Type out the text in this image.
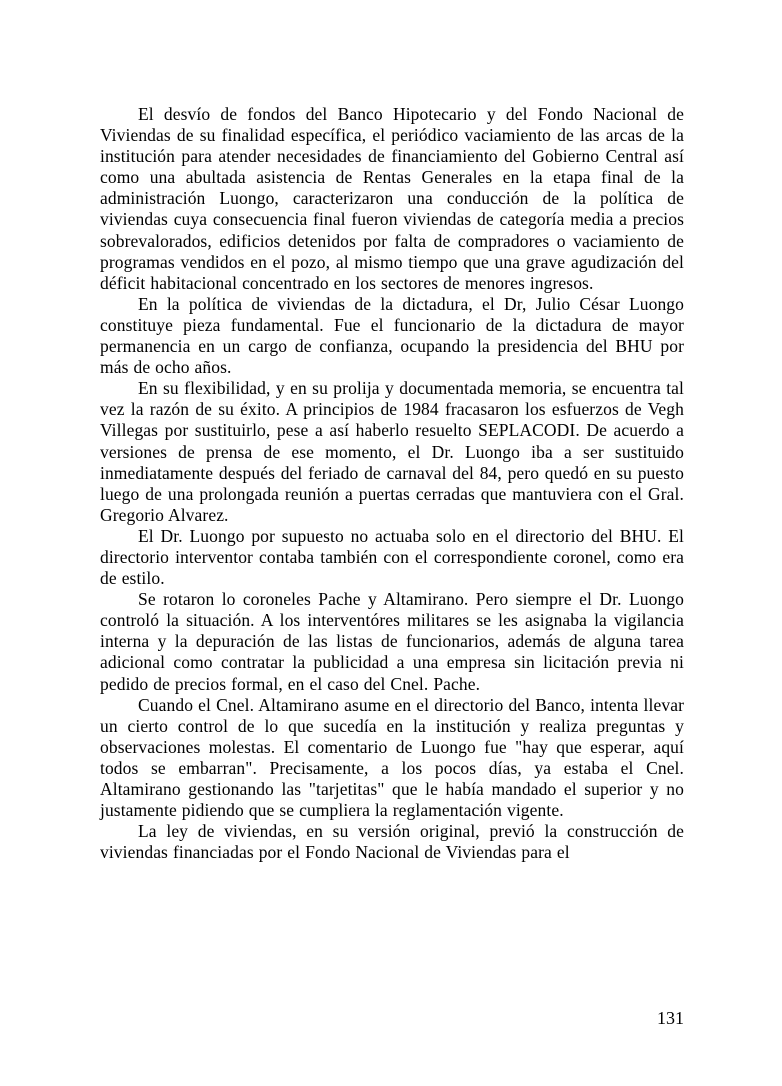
El desvío de fondos del Banco Hipotecario y del Fondo Nacional de Viviendas de su finalidad específica, el periódico vaciamiento de las arcas de la institución para atender necesidades de financiamiento del Gobierno Central así como una abultada asistencia de Rentas Generales en la etapa final de la administración Luongo, caracterizaron una conducción de la política de viviendas cuya consecuencia final fueron viviendas de categoría media a precios sobrevalorados, edificios detenidos por falta de compradores o vaciamiento de programas vendidos en el pozo, al mismo tiempo que una grave agudización del déficit habitacional concentrado en los sectores de menores ingresos.

En la política de viviendas de la dictadura, el Dr, Julio César Luongo constituye pieza fundamental. Fue el funcionario de la dictadura de mayor permanencia en un cargo de confianza, ocupando la presidencia del BHU por más de ocho años.

En su flexibilidad, y en su prolija y documentada memoria, se encuentra tal vez la razón de su éxito. A principios de 1984 fracasaron los esfuerzos de Vegh Villegas por sustituirlo, pese a así haberlo resuelto SEPLACODI. De acuerdo a versiones de prensa de ese momento, el Dr. Luongo iba a ser sustituido inmediatamente después del feriado de carnaval del 84, pero quedó en su puesto luego de una prolongada reunión a puertas cerradas que mantuviera con el Gral. Gregorio Alvarez.

El Dr. Luongo por supuesto no actuaba solo en el directorio del BHU. El directorio interventor contaba también con el correspondiente coronel, como era de estilo.

Se rotaron lo coroneles Pache y Altamirano. Pero siempre el Dr. Luongo controló la situación. A los interventóres militares se les asignaba la vigilancia interna y la depuración de las listas de funcionarios, además de alguna tarea adicional como contratar la publicidad a una empresa sin licitación previa ni pedido de precios formal, en el caso del Cnel. Pache.

Cuando el Cnel. Altamirano asume en el directorio del Banco, intenta llevar un cierto control de lo que sucedía en la institución y realiza preguntas y observaciones molestas. El comentario de Luongo fue "hay que esperar, aquí todos se embarran". Precisamente, a los pocos días, ya estaba el Cnel. Altamirano gestionando las "tarjetitas" que le había mandado el superior y no justamente pidiendo que se cumpliera la reglamentación vigente.

La ley de viviendas, en su versión original, previó la construcción de viviendas financiadas por el Fondo Nacional de Viviendas para el

131
